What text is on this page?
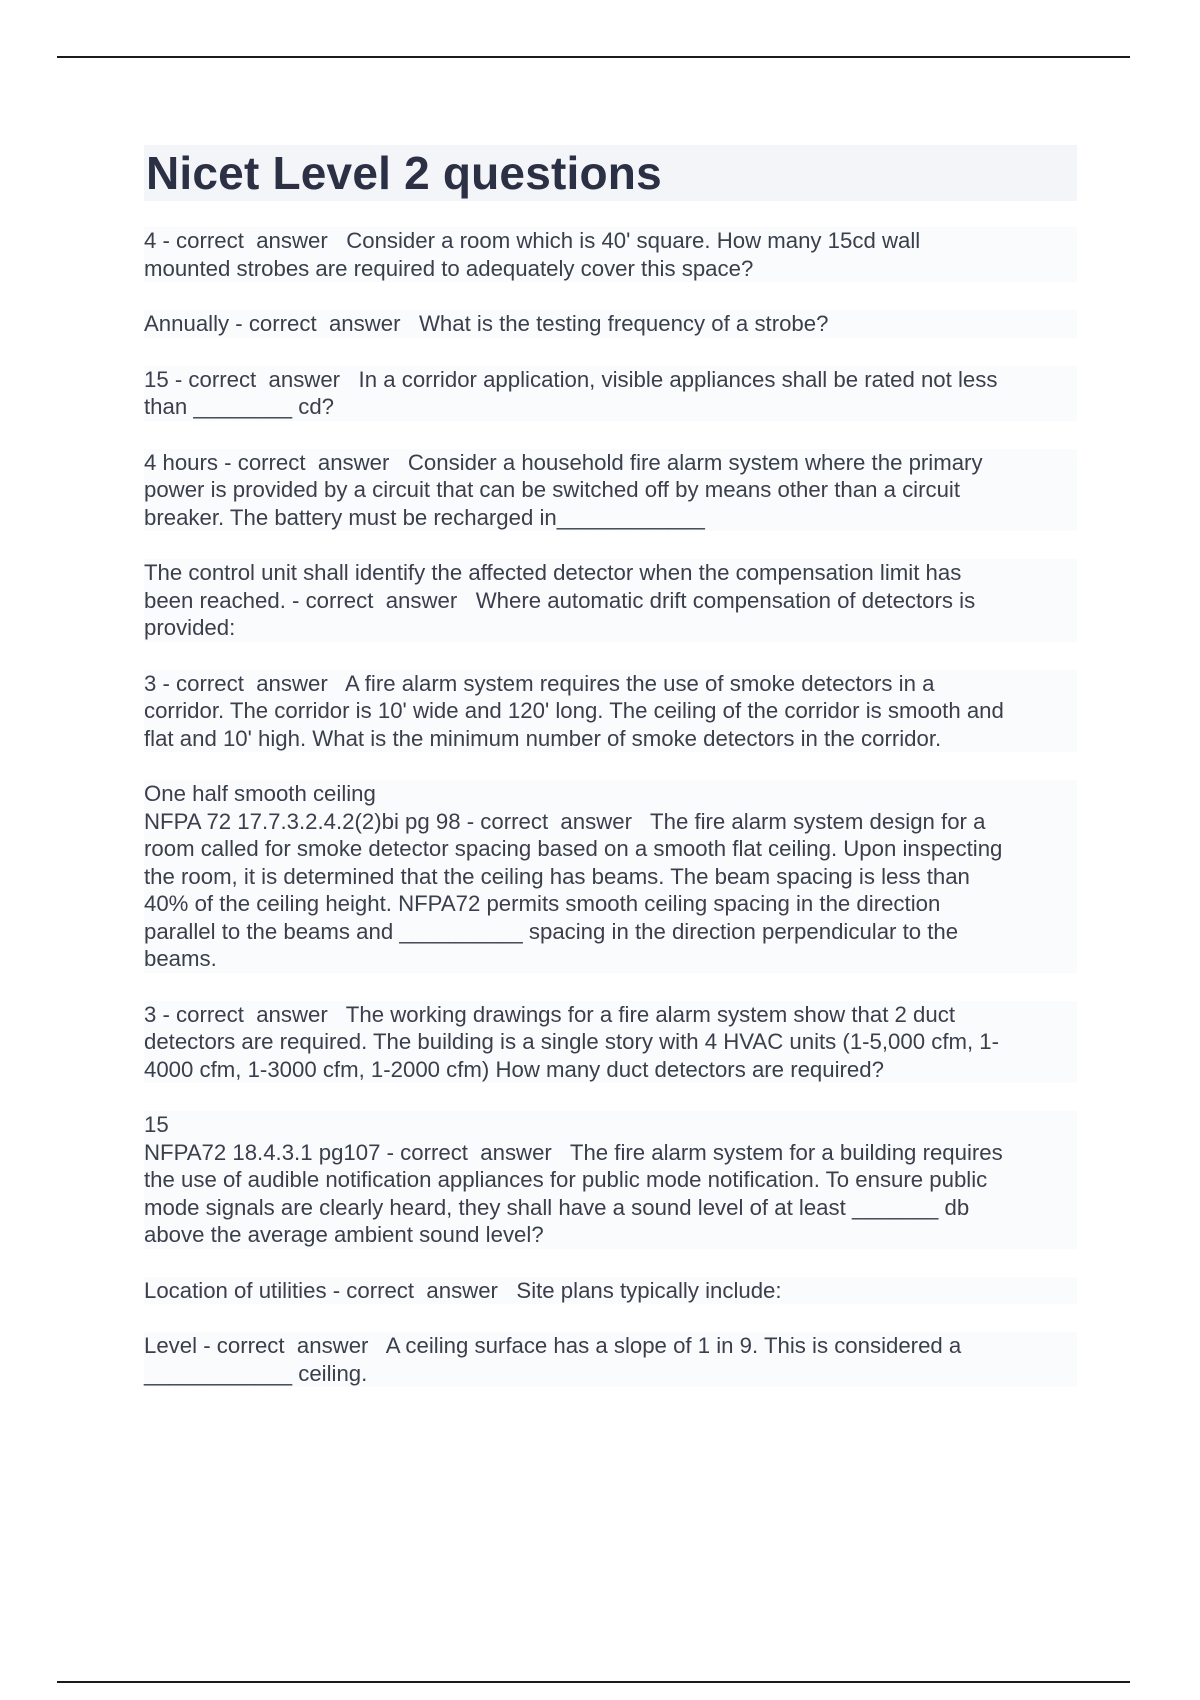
Nicet Level 2 questions
4 - correct  answer   Consider a room which is 40' square. How many 15cd wall
mounted strobes are required to adequately cover this space?
Annually - correct  answer   What is the testing frequency of a strobe?
15 - correct  answer   In a corridor application, visible appliances shall be rated not less
than ________ cd?
4 hours - correct  answer   Consider a household fire alarm system where the primary
power is provided by a circuit that can be switched off by means other than a circuit
breaker. The battery must be recharged in____________
The control unit shall identify the affected detector when the compensation limit has
been reached. - correct  answer   Where automatic drift compensation of detectors is
provided:
3 - correct  answer   A fire alarm system requires the use of smoke detectors in a
corridor. The corridor is 10' wide and 120' long. The ceiling of the corridor is smooth and
flat and 10' high. What is the minimum number of smoke detectors in the corridor.
One half smooth ceiling
NFPA 72 17.7.3.2.4.2(2)bi pg 98 - correct  answer   The fire alarm system design for a
room called for smoke detector spacing based on a smooth flat ceiling. Upon inspecting
the room, it is determined that the ceiling has beams. The beam spacing is less than
40% of the ceiling height. NFPA72 permits smooth ceiling spacing in the direction
parallel to the beams and __________ spacing in the direction perpendicular to the
beams.
3 - correct  answer   The working drawings for a fire alarm system show that 2 duct
detectors are required. The building is a single story with 4 HVAC units (1-5,000 cfm, 1-
4000 cfm, 1-3000 cfm, 1-2000 cfm) How many duct detectors are required?
15
NFPA72 18.4.3.1 pg107 - correct  answer   The fire alarm system for a building requires
the use of audible notification appliances for public mode notification. To ensure public
mode signals are clearly heard, they shall have a sound level of at least _______ db
above the average ambient sound level?
Location of utilities - correct  answer   Site plans typically include:
Level - correct  answer   A ceiling surface has a slope of 1 in 9. This is considered a
____________ ceiling.
